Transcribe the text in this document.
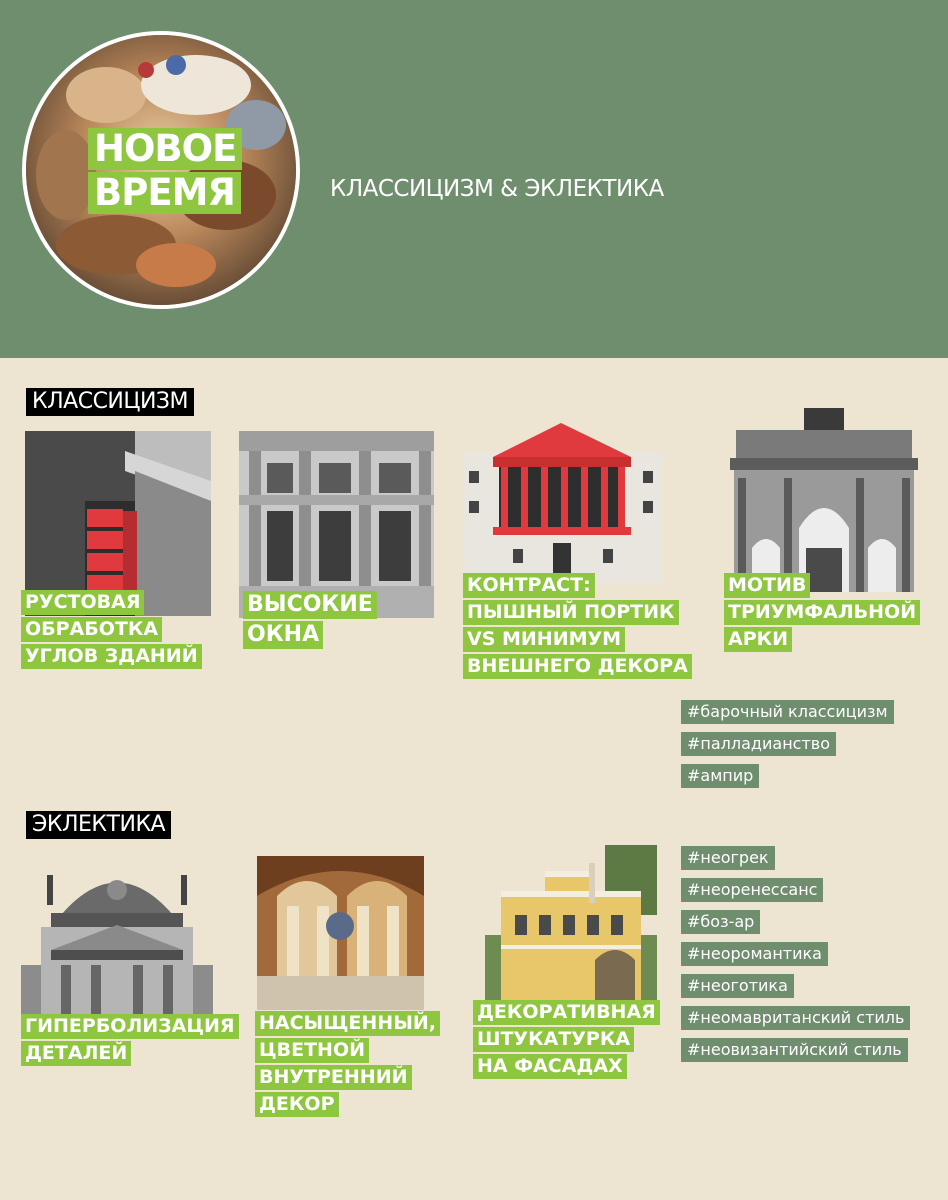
НОВОЕ
ВРЕМЯ	КЛАССИЦИЗМ & ЭКЛЕКТИКА
КЛАССИЦИЗМ
РУСТОВАЯ
ОБРАБОТКА
УГЛОВ ЗДАНИЙ
ВЫСОКИЕ
ОКНА
КОНТРАСТ:
ПЫШНЫЙ ПОРТИК
VS МИНИМУМ
ВНЕШНЕГО ДЕКОРА
МОТИВ
ТРИУМФАЛЬНОЙ
АРКИ
#барочный классицизм
#палладианство
#ампир
ЭКЛЕКТИКА
ГИПЕРБОЛИЗАЦИЯ
ДЕТАЛЕЙ
НАСЫЩЕННЫЙ,
ЦВЕТНОЙ
ВНУТРЕННИЙ
ДЕКОР
ДЕКОРАТИВНАЯ
ШТУКАТУРКА
НА ФАСАДАХ
#неогрек
#неоренессанс
#боз-ар
#неоромантика
#неоготика
#неомавританский стиль
#неовизантийский стиль
